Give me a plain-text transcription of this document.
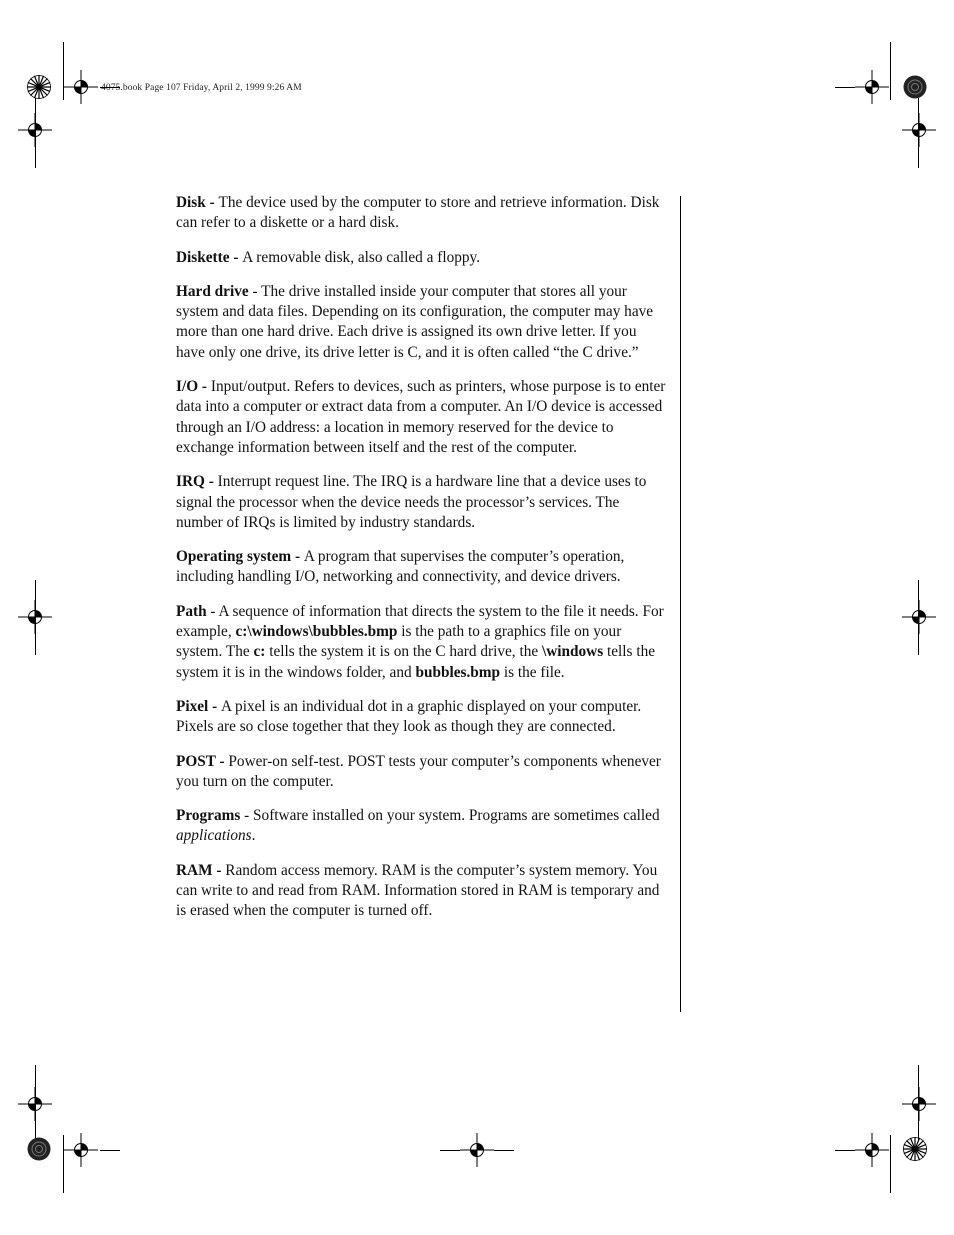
4075.book Page 107 Friday, April 2, 1999 9:26 AM

Disk - The device used by the computer to store and retrieve information. Disk can refer to a diskette or a hard disk.

Diskette - A removable disk, also called a floppy.

Hard drive - The drive installed inside your computer that stores all your system and data files. Depending on its configuration, the computer may have more than one hard drive. Each drive is assigned its own drive letter. If you have only one drive, its drive letter is C, and it is often called “the C drive.”

I/O - Input/output. Refers to devices, such as printers, whose purpose is to enter data into a computer or extract data from a computer. An I/O device is accessed through an I/O address: a location in memory reserved for the device to exchange information between itself and the rest of the computer.

IRQ - Interrupt request line. The IRQ is a hardware line that a device uses to signal the processor when the device needs the processor’s services. The number of IRQs is limited by industry standards.

Operating system - A program that supervises the computer’s operation, including handling I/O, networking and connectivity, and device drivers.

Path - A sequence of information that directs the system to the file it needs. For example, c:\windows\bubbles.bmp is the path to a graphics file on your system. The c: tells the system it is on the C hard drive, the \windows tells the system it is in the windows folder, and bubbles.bmp is the file.

Pixel - A pixel is an individual dot in a graphic displayed on your computer. Pixels are so close together that they look as though they are connected.

POST - Power-on self-test. POST tests your computer’s components whenever you turn on the computer.

Programs - Software installed on your system. Programs are sometimes called applications.

RAM - Random access memory. RAM is the computer’s system memory. You can write to and read from RAM. Information stored in RAM is temporary and is erased when the computer is turned off.
